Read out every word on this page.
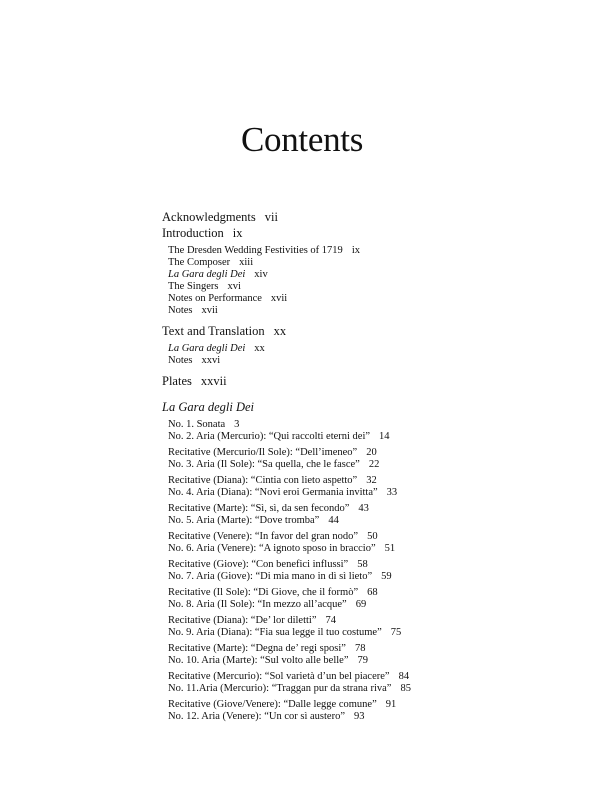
Contents
Acknowledgments vii
Introduction ix
The Dresden Wedding Festivities of 1719 ix
The Composer xiii
La Gara degli Dei xiv
The Singers xvi
Notes on Performance xvii
Notes xvii
Text and Translation xx
La Gara degli Dei xx
Notes xxvi
Plates xxvii
La Gara degli Dei
No. 1. Sonata 3
No. 2. Aria (Mercurio): “Qui raccolti eterni dei” 14
Recitative (Mercurio/Il Sole): “Dell’imeneo” 20
No. 3. Aria (Il Sole): “Sa quella, che le fasce” 22
Recitative (Diana): “Cintia con lieto aspetto” 32
No. 4. Aria (Diana): “Novi eroi Germania invitta” 33
Recitative (Marte): “Sì, sì, da sen fecondo” 43
No. 5. Aria (Marte): “Dove tromba” 44
Recitative (Venere): “In favor del gran nodo” 50
No. 6. Aria (Venere): “A ignoto sposo in braccio” 51
Recitative (Giove): “Con benefici influssi” 58
No. 7. Aria (Giove): “Di mia mano in dì sì lieto” 59
Recitative (Il Sole): “Di Giove, che il formò” 68
No. 8. Aria (Il Sole): “In mezzo all’acque” 69
Recitative (Diana): “De’ lor diletti” 74
No. 9. Aria (Diana): “Fia sua legge il tuo costume” 75
Recitative (Marte): “Degna de’ regi sposi” 78
No. 10. Aria (Marte): “Sul volto alle belle” 79
Recitative (Mercurio): “Sol varietà d’un bel piacere” 84
No. 11.Aria (Mercurio): “Traggan pur da strana riva” 85
Recitative (Giove/Venere): “Dalle legge comune” 91
No. 12. Aria (Venere): “Un cor sì austero” 93
